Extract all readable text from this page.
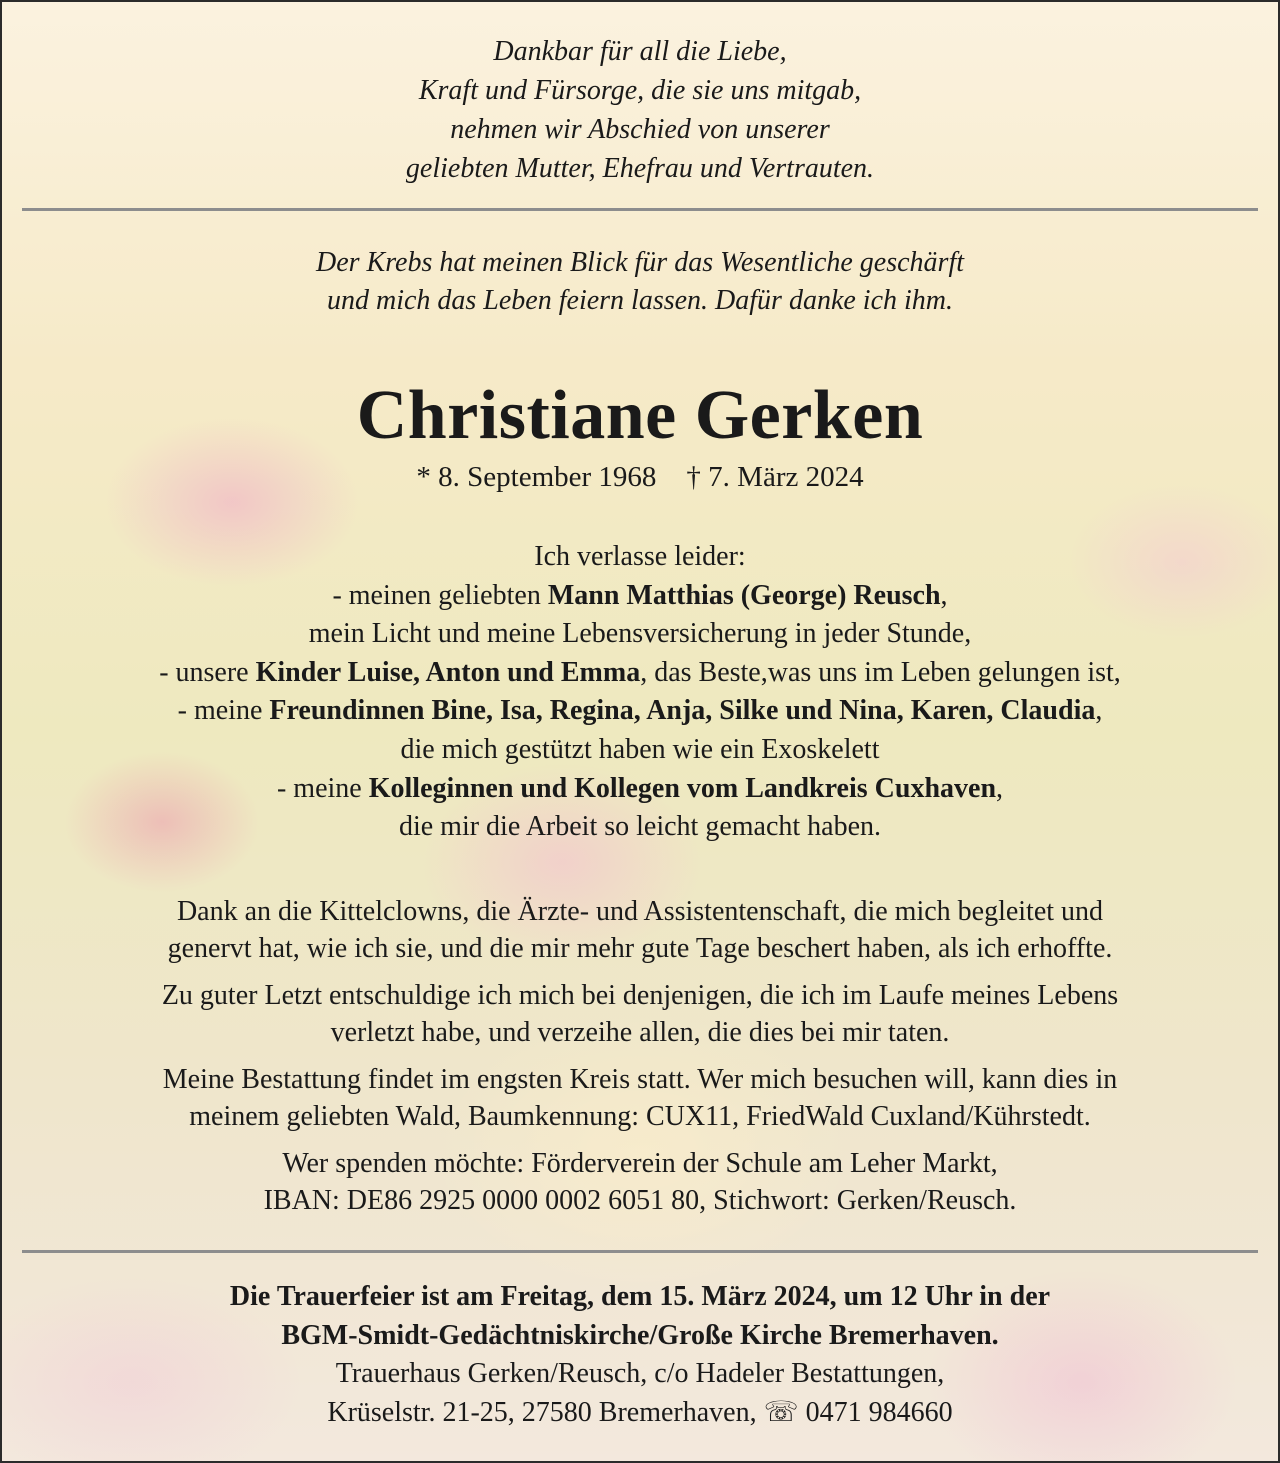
Dankbar für all die Liebe,
Kraft und Fürsorge, die sie uns mitgab,
nehmen wir Abschied von unserer
geliebten Mutter, Ehefrau und Vertrauten.
Der Krebs hat meinen Blick für das Wesentliche geschärft
und mich das Leben feiern lassen. Dafür danke ich ihm.
Christiane Gerken
* 8. September 1968 † 7. März 2024
Ich verlasse leider:
- meinen geliebten Mann Matthias (George) Reusch,
mein Licht und meine Lebensversicherung in jeder Stunde,
- unsere Kinder Luise, Anton und Emma, das Beste,was uns im Leben gelungen ist,
- meine Freundinnen Bine, Isa, Regina, Anja, Silke und Nina, Karen, Claudia,
die mich gestützt haben wie ein Exoskelett
- meine Kolleginnen und Kollegen vom Landkreis Cuxhaven,
die mir die Arbeit so leicht gemacht haben.
Dank an die Kittelclowns, die Ärzte- und Assistentenschaft, die mich begleitet und
genervt hat, wie ich sie, und die mir mehr gute Tage beschert haben, als ich erhoffte.
Zu guter Letzt entschuldige ich mich bei denjenigen, die ich im Laufe meines Lebens
verletzt habe, und verzeihe allen, die dies bei mir taten.
Meine Bestattung findet im engsten Kreis statt. Wer mich besuchen will, kann dies in
meinem geliebten Wald, Baumkennung: CUX11, FriedWald Cuxland/Kührstedt.
Wer spenden möchte: Förderverein der Schule am Leher Markt,
IBAN: DE86 2925 0000 0002 6051 80, Stichwort: Gerken/Reusch.
Die Trauerfeier ist am Freitag, dem 15. März 2024, um 12 Uhr in der
BGM-Smidt-Gedächtniskirche/Große Kirche Bremerhaven.
Trauerhaus Gerken/Reusch, c/o Hadeler Bestattungen,
Krüselstr. 21-25, 27580 Bremerhaven, ☏ 0471 984660
